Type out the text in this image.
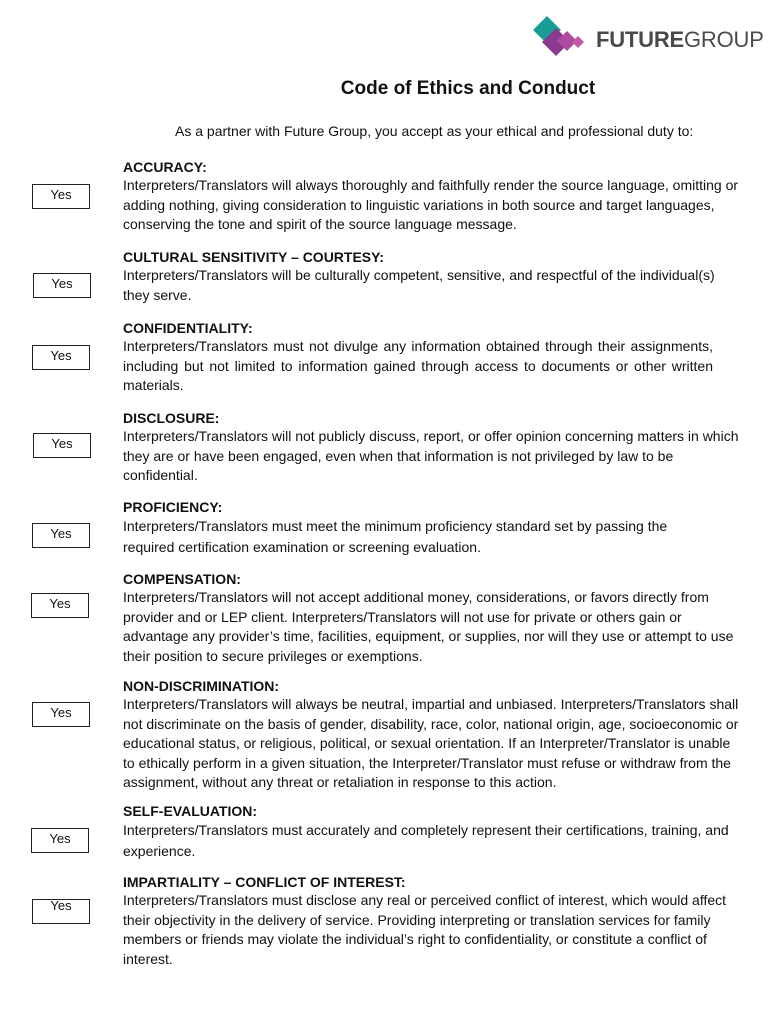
FUTUREGROUP
Code of Ethics and Conduct
As a partner with Future Group, you accept as your ethical and professional duty to:
Yes
ACCURACY:
Interpreters/Translators will always thoroughly and faithfully render the source language, omitting or adding nothing, giving consideration to linguistic variations in both source and target languages, conserving the tone and spirit of the source language message.
Yes
CULTURAL SENSITIVITY – COURTESY:
Interpreters/Translators will be culturally competent, sensitive, and respectful of the individual(s) they serve.
Yes
CONFIDENTIALITY:
Interpreters/Translators must not divulge any information obtained through their assignments, including but not limited to information gained through access to documents or other written materials.
Yes
DISCLOSURE:
Interpreters/Translators will not publicly discuss, report, or offer opinion concerning matters in which they are or have been engaged, even when that information is not privileged by law to be confidential.
Yes
PROFICIENCY:
Interpreters/Translators must meet the minimum proficiency standard set by passing the required certification examination or screening evaluation.
Yes
COMPENSATION:
Interpreters/Translators will not accept additional money, considerations, or favors directly from provider and or LEP client. Interpreters/Translators will not use for private or others gain or advantage any provider’s time, facilities, equipment, or supplies, nor will they use or attempt to use their position to secure privileges or exemptions.
Yes
NON-DISCRIMINATION:
Interpreters/Translators will always be neutral, impartial and unbiased. Interpreters/Translators shall not discriminate on the basis of gender, disability, race, color, national origin, age, socioeconomic or educational status, or religious, political, or sexual orientation. If an Interpreter/Translator is unable to ethically perform in a given situation, the Interpreter/Translator must refuse or withdraw from the assignment, without any threat or retaliation in response to this action.
Yes
SELF-EVALUATION:
Interpreters/Translators must accurately and completely represent their certifications, training, and experience.
Yes
IMPARTIALITY – CONFLICT OF INTEREST:
Interpreters/Translators must disclose any real or perceived conflict of interest, which would affect their objectivity in the delivery of service. Providing interpreting or translation services for family members or friends may violate the individual’s right to confidentiality, or constitute a conflict of interest.
